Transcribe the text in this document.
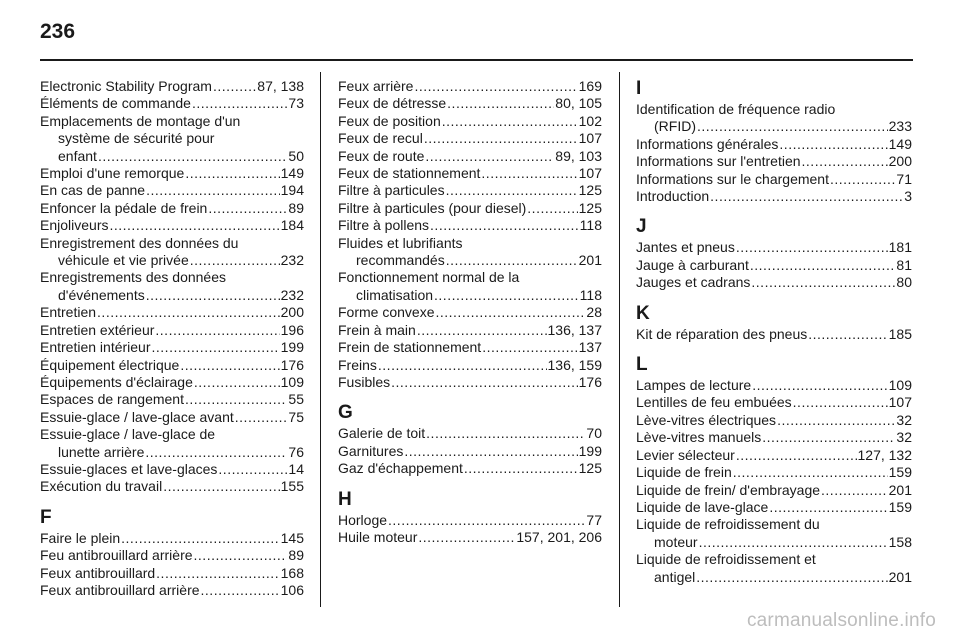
236
Electronic Stability Program .....	87, 138
Éléments de commande .....	73
Emplacements de montage d'un
système de sécurité pour
enfant .....	50
Emploi d'une remorque .....	149
En cas de panne .....	194
Enfoncer la pédale de frein .....	89
Enjoliveurs .....	184
Enregistrement des données du
véhicule et vie privée .....	232
Enregistrements des données
d'événements .....	232
Entretien .....	200
Entretien extérieur .....	196
Entretien intérieur .....	199
Équipement électrique .....	176
Équipements d'éclairage .....	109
Espaces de rangement .....	55
Essuie-glace / lave-glace avant .....	75
Essuie-glace / lave-glace de
lunette arrière .....	76
Essuie-glaces et lave-glaces .....	14
Exécution du travail .....	155
F
Faire le plein .....	145
Feu antibrouillard arrière .....	89
Feux antibrouillard .....	168
Feux antibrouillard arrière .....	106
Feux arrière .....	169
Feux de détresse .....	80, 105
Feux de position .....	102
Feux de recul .....	107
Feux de route .....	89, 103
Feux de stationnement .....	107
Filtre à particules .....	125
Filtre à particules (pour diesel) .....	125
Filtre à pollens .....	118
Fluides et lubrifiants
recommandés .....	201
Fonctionnement normal de la
climatisation .....	118
Forme convexe .....	28
Frein à main .....	136, 137
Frein de stationnement .....	137
Freins .....	136, 159
Fusibles .....	176
G
Galerie de toit .....	70
Garnitures .....	199
Gaz d'échappement .....	125
H
Horloge .....	77
Huile moteur .....	157, 201, 206
I
Identification de fréquence radio
(RFID) .....	233
Informations générales .....	149
Informations sur l'entretien .....	200
Informations sur le chargement .....	71
Introduction .....	3
J
Jantes et pneus .....	181
Jauge à carburant .....	81
Jauges et cadrans .....	80
K
Kit de réparation des pneus .....	185
L
Lampes de lecture .....	109
Lentilles de feu embuées .....	107
Lève-vitres électriques .....	32
Lève-vitres manuels .....	32
Levier sélecteur .....	127, 132
Liquide de frein .....	159
Liquide de frein/ d'embrayage .....	201
Liquide de lave-glace .....	159
Liquide de refroidissement du
moteur .....	158
Liquide de refroidissement et
antigel .....	201
carmanualsonline.info
